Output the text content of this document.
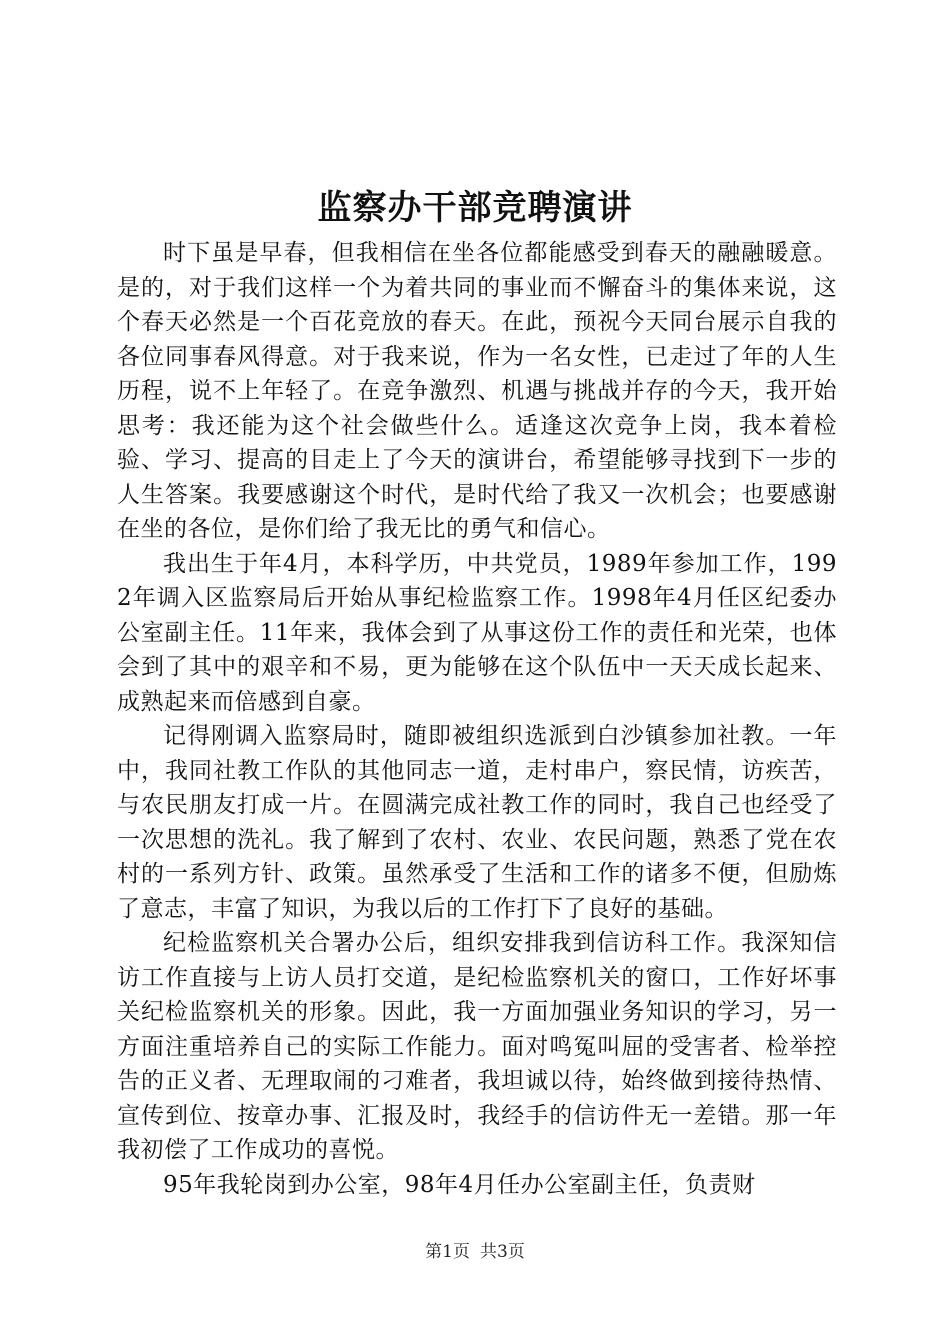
监察办干部竞聘演讲

时下虽是早春，但我相信在坐各位都能感受到春天的融融暖意。是的，对于我们这样一个为着共同的事业而不懈奋斗的集体来说，这个春天必然是一个百花竞放的春天。在此，预祝今天同台展示自我的各位同事春风得意。对于我来说，作为一名女性，已走过了年的人生历程，说不上年轻了。在竞争激烈、机遇与挑战并存的今天，我开始思考：我还能为这个社会做些什么。适逢这次竞争上岗，我本着检验、学习、提高的目走上了今天的演讲台，希望能够寻找到下一步的人生答案。我要感谢这个时代，是时代给了我又一次机会；也要感谢在坐的各位，是你们给了我无比的勇气和信心。

我出生于年4月，本科学历，中共党员，1989年参加工作，1992年调入区监察局后开始从事纪检监察工作。1998年4月任区纪委办公室副主任。11年来，我体会到了从事这份工作的责任和光荣，也体会到了其中的艰辛和不易，更为能够在这个队伍中一天天成长起来、成熟起来而倍感到自豪。

记得刚调入监察局时，随即被组织选派到白沙镇参加社教。一年中，我同社教工作队的其他同志一道，走村串户，察民情，访疾苦，与农民朋友打成一片。在圆满完成社教工作的同时，我自己也经受了一次思想的洗礼。我了解到了农村、农业、农民问题，熟悉了党在农村的一系列方针、政策。虽然承受了生活和工作的诸多不便，但励炼了意志，丰富了知识，为我以后的工作打下了良好的基础。

纪检监察机关合署办公后，组织安排我到信访科工作。我深知信访工作直接与上访人员打交道，是纪检监察机关的窗口，工作好坏事关纪检监察机关的形象。因此，我一方面加强业务知识的学习，另一方面注重培养自己的实际工作能力。面对鸣冤叫屈的受害者、检举控告的正义者、无理取闹的刁难者，我坦诚以待，始终做到接待热情、宣传到位、按章办事、汇报及时，我经手的信访件无一差错。那一年我初偿了工作成功的喜悦。

95年我轮岗到办公室，98年4月任办公室副主任，负责财

第1页 共3页
